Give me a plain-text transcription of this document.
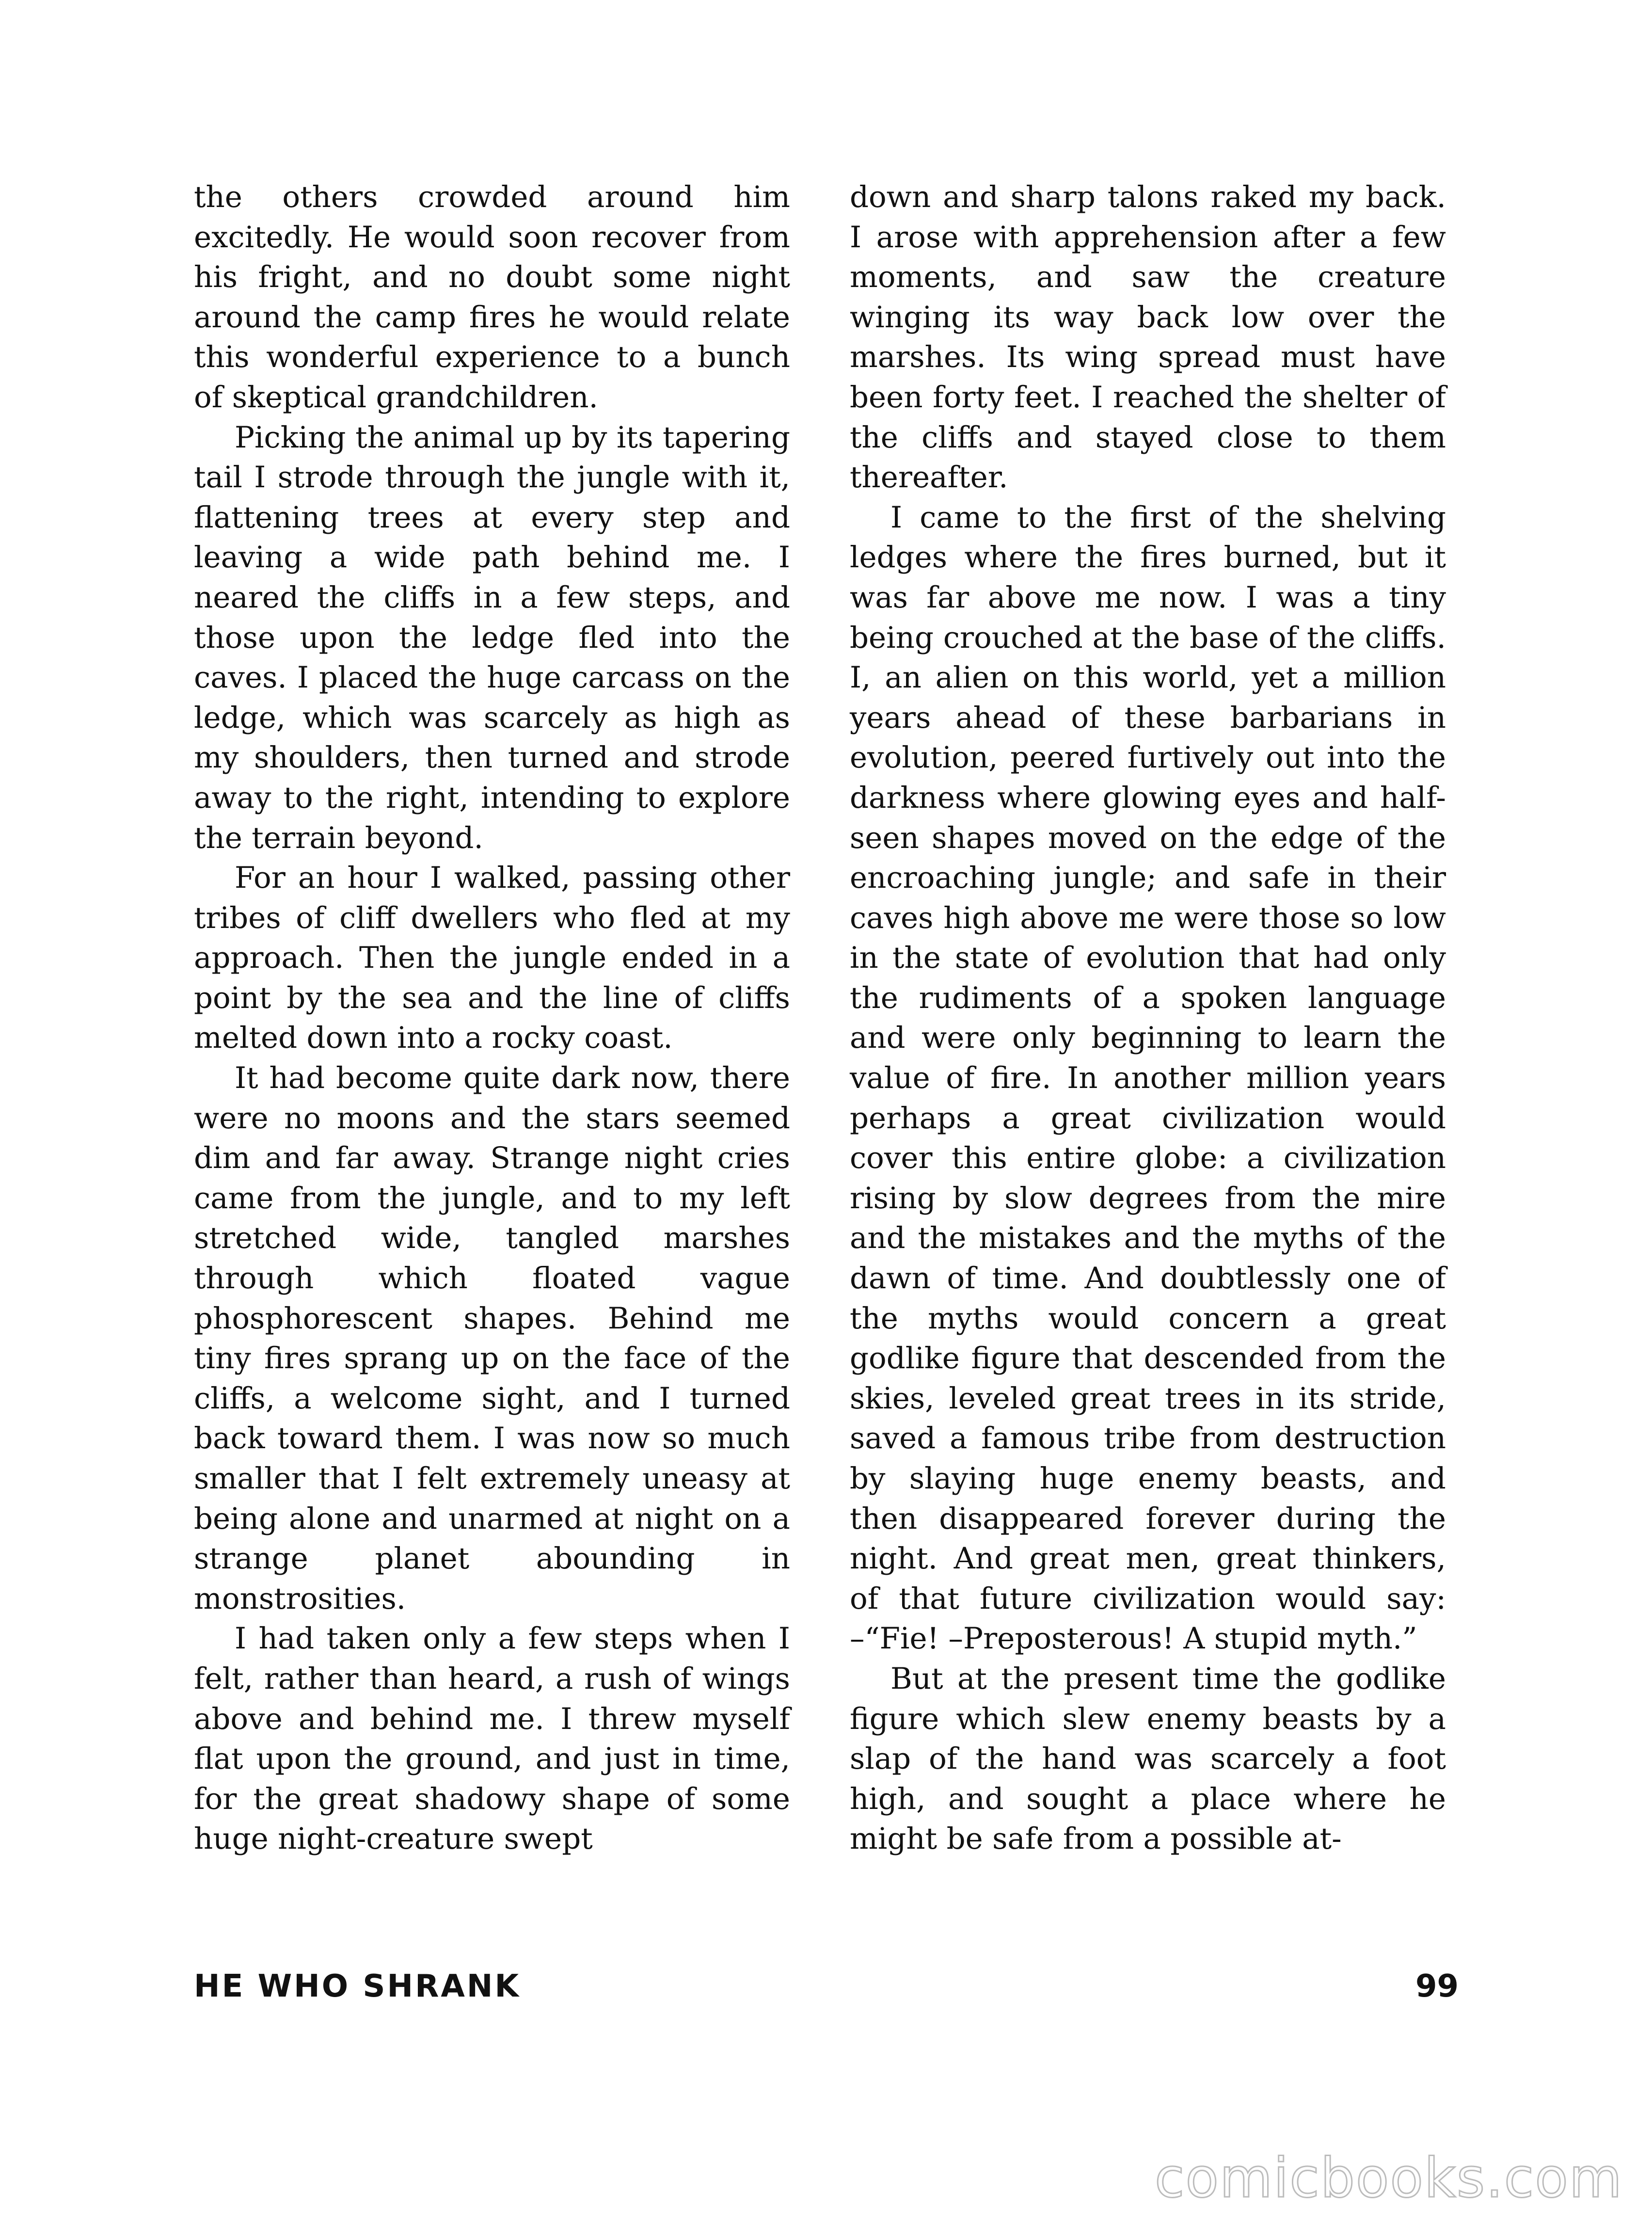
the others crowded around him excitedly. He would soon recover from his fright, and no doubt some night around the camp fires he would relate this wonderful experience to a bunch of skeptical grandchildren.

Picking the animal up by its tapering tail I strode through the jungle with it, flattening trees at every step and leaving a wide path behind me. I neared the cliffs in a few steps, and those upon the ledge fled into the caves. I placed the huge carcass on the ledge, which was scarcely as high as my shoulders, then turned and strode away to the right, intending to explore the terrain beyond.

For an hour I walked, passing other tribes of cliff dwellers who fled at my approach. Then the jungle ended in a point by the sea and the line of cliffs melted down into a rocky coast.

It had become quite dark now, there were no moons and the stars seemed dim and far away. Strange night cries came from the jungle, and to my left stretched wide, tangled marshes through which floated vague phosphorescent shapes. Behind me tiny fires sprang up on the face of the cliffs, a welcome sight, and I turned back toward them. I was now so much smaller that I felt extremely uneasy at being alone and unarmed at night on a strange planet abounding in monstrosities.

I had taken only a few steps when I felt, rather than heard, a rush of wings above and behind me. I threw myself flat upon the ground, and just in time, for the great shadowy shape of some huge night-creature swept

down and sharp talons raked my back. I arose with apprehension after a few moments, and saw the creature winging its way back low over the marshes. Its wing spread must have been forty feet. I reached the shelter of the cliffs and stayed close to them thereafter.

I came to the first of the shelving ledges where the fires burned, but it was far above me now. I was a tiny being crouched at the base of the cliffs. I, an alien on this world, yet a million years ahead of these barbarians in evolution, peered furtively out into the darkness where glowing eyes and half-seen shapes moved on the edge of the encroaching jungle; and safe in their caves high above me were those so low in the state of evolution that had only the rudiments of a spoken language and were only beginning to learn the value of fire. In another million years perhaps a great civilization would cover this entire globe: a civilization rising by slow degrees from the mire and the mistakes and the myths of the dawn of time. And doubtlessly one of the myths would concern a great godlike figure that descended from the skies, leveled great trees in its stride, saved a famous tribe from destruction by slaying huge enemy beasts, and then disappeared forever during the night. And great men, great thinkers, of that future civilization would say: –“Fie! –Preposterous! A stupid myth.”

But at the present time the godlike figure which slew enemy beasts by a slap of the hand was scarcely a foot high, and sought a place where he might be safe from a possible at-

HE WHO SHRANK	99
comicbooks.com
